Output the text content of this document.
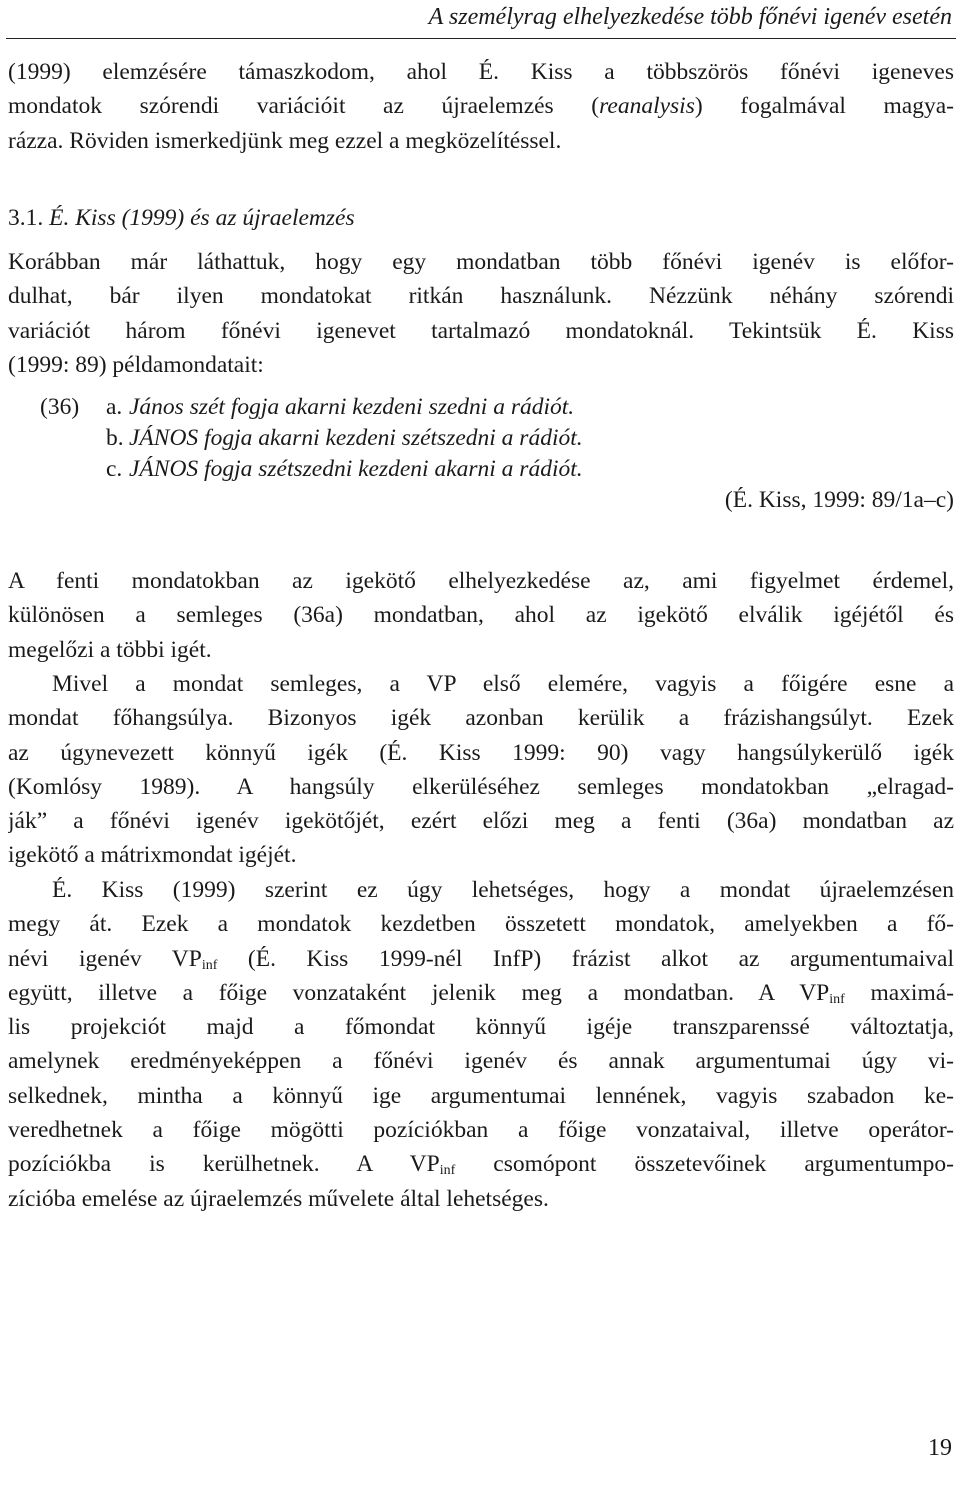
A személyrag elhelyezkedése több főnévi igenév esetén
(1999) elemzésére támaszkodom, ahol É. Kiss a többszörös főnévi igeneves
mondatok szórendi variációit az újraelemzés (reanalysis) fogalmával magya-
rázza. Röviden ismerkedjünk meg ezzel a megközelítéssel.
3.1. É. Kiss (1999) és az újraelemzés
Korábban már láthattuk, hogy egy mondatban több főnévi igenév is előfor-
dulhat, bár ilyen mondatokat ritkán használunk. Nézzünk néhány szórendi
variációt három főnévi igenevet tartalmazó mondatoknál. Tekintsük É. Kiss
(1999: 89) példamondatait:
(36) a. János szét fogja akarni kezdeni szedni a rádiót.
b. JÁNOS fogja akarni kezdeni szétszedni a rádiót.
c. JÁNOS fogja szétszedni kezdeni akarni a rádiót.
(É. Kiss, 1999: 89/1a–c)
A fenti mondatokban az igekötő elhelyezkedése az, ami figyelmet érdemel,
különösen a semleges (36a) mondatban, ahol az igekötő elválik igéjétől és
megelőzi a többi igét.
Mivel a mondat semleges, a VP első elemére, vagyis a főigére esne a
mondat főhangsúlya. Bizonyos igék azonban kerülik a frázishangsúlyt. Ezek
az úgynevezett könnyű igék (É. Kiss 1999: 90) vagy hangsúlykerülő igék
(Komlósy 1989). A hangsúly elkerüléséhez semleges mondatokban „elragad-
ják” a főnévi igenév igekötőjét, ezért előzi meg a fenti (36a) mondatban az
igekötő a mátrixmondat igéjét.
É. Kiss (1999) szerint ez úgy lehetséges, hogy a mondat újraelemzésen
megy át. Ezek a mondatok kezdetben összetett mondatok, amelyekben a fő-
névi igenév $VP_{inf}$ (É. Kiss 1999-nél InfP) frázist alkot az argumentumaival
együtt, illetve a főige vonzataként jelenik meg a mondatban. A $VP_{inf}$ maximá-
lis projekciót majd a főmondat könnyű igéje transzparenssé változtatja,
amelynek eredményeképpen a főnévi igenév és annak argumentumai úgy vi-
selkednek, mintha a könnyű ige argumentumai lennének, vagyis szabadon ke-
veredhetnek a főige mögötti pozíciókban a főige vonzataival, illetve operátor-
pozíciókba is kerülhetnek. A $VP_{inf}$ csomópont összetevőinek argumentumpo-
zícióba emelése az újraelemzés művelete által lehetséges.
19
